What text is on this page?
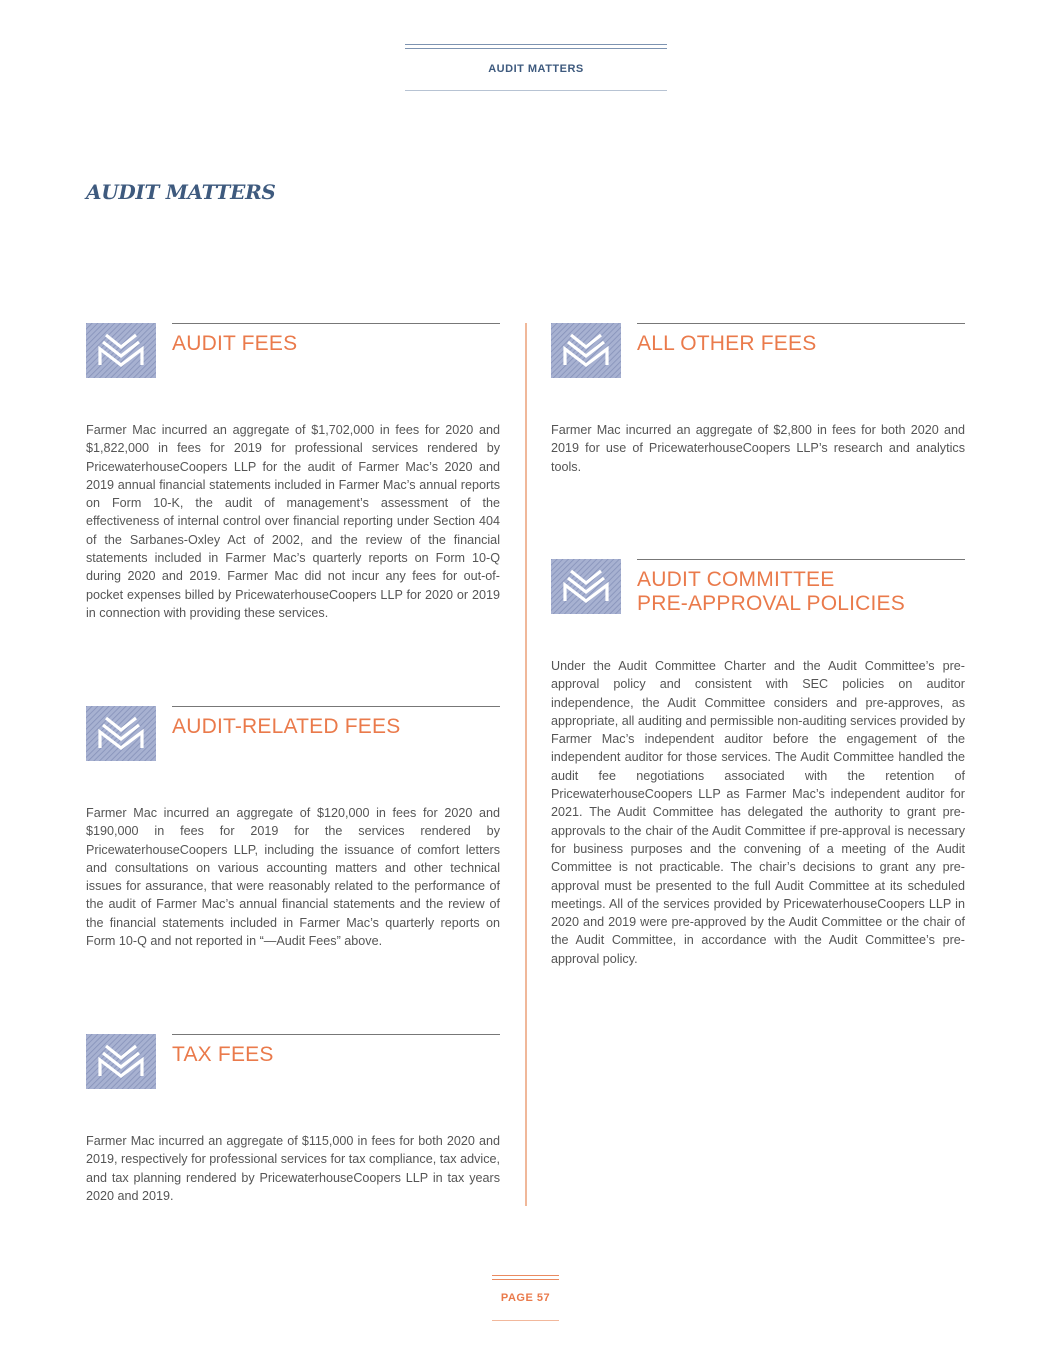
AUDIT MATTERS
AUDIT MATTERS
AUDIT FEES

Farmer Mac incurred an aggregate of $1,702,000 in fees for 2020 and $1,822,000 in fees for 2019 for professional services rendered by PricewaterhouseCoopers LLP for the audit of Farmer Mac’s 2020 and 2019 annual financial statements included in Farmer Mac’s annual reports on Form 10-K, the audit of management’s assessment of the effectiveness of internal control over financial reporting under Section 404 of the Sarbanes-Oxley Act of 2002, and the review of the financial statements included in Farmer Mac’s quarterly reports on Form 10-Q during 2020 and 2019. Farmer Mac did not incur any fees for out-of-pocket expenses billed by PricewaterhouseCoopers LLP for 2020 or 2019 in connection with providing these services.

AUDIT-RELATED FEES

Farmer Mac incurred an aggregate of $120,000 in fees for 2020 and $190,000 in fees for 2019 for the services rendered by PricewaterhouseCoopers LLP, including the issuance of comfort letters and consultations on various accounting matters and other technical issues for assurance, that were reasonably related to the performance of the audit of Farmer Mac’s annual financial statements and the review of the financial statements included in Farmer Mac’s quarterly reports on Form 10-Q and not reported in “—Audit Fees” above.

TAX FEES

Farmer Mac incurred an aggregate of $115,000 in fees for both 2020 and 2019, respectively for professional services for tax compliance, tax advice, and tax planning rendered by PricewaterhouseCoopers LLP in tax years 2020 and 2019.

ALL OTHER FEES

Farmer Mac incurred an aggregate of $2,800 in fees for both 2020 and 2019 for use of PricewaterhouseCoopers LLP’s research and analytics tools.

AUDIT COMMITTEE
PRE-APPROVAL POLICIES

Under the Audit Committee Charter and the Audit Committee’s pre-approval policy and consistent with SEC policies on auditor independence, the Audit Committee considers and pre-approves, as appropriate, all auditing and permissible non-auditing services provided by Farmer Mac’s independent auditor before the engagement of the independent auditor for those services. The Audit Committee handled the audit fee negotiations associated with the retention of PricewaterhouseCoopers LLP as Farmer Mac’s independent auditor for 2021. The Audit Committee has delegated the authority to grant pre-approvals to the chair of the Audit Committee if pre-approval is necessary for business purposes and the convening of a meeting of the Audit Committee is not practicable. The chair’s decisions to grant any pre-approval must be presented to the full Audit Committee at its scheduled meetings. All of the services provided by PricewaterhouseCoopers LLP in 2020 and 2019 were pre-approved by the Audit Committee or the chair of the Audit Committee, in accordance with the Audit Committee’s pre-approval policy.

PAGE 57
